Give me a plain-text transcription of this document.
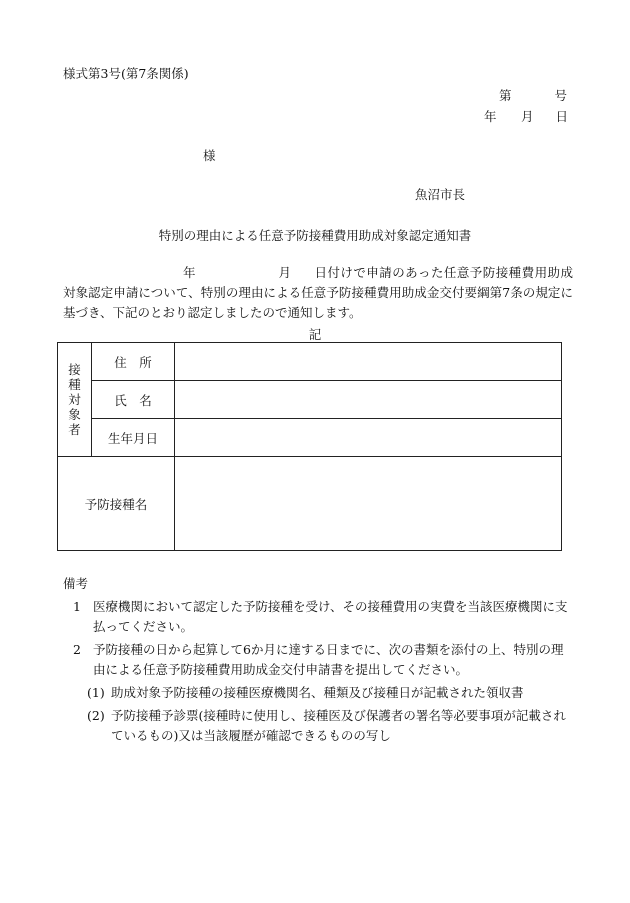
様式第3号(第7条関係)
第	号
年 月 日
様
魚沼市長
特別の理由による任意予防接種費用助成対象認定通知書
年	月 日付けで申請のあった任意予防接種費用助成対象認定申請について、特別の理由による任意予防接種費用助成金交付要綱第7条の規定に基づき、下記のとおり認定しましたので通知します。
記
接種対象者	住　所	
	氏　名	
	生年月日	
予防接種名		
備考
1 医療機関において認定した予防接種を受け、その接種費用の実費を当該医療機関に支払ってください。
2 予防接種の日から起算して6か月に達する日までに、次の書類を添付の上、特別の理由による任意予防接種費用助成金交付申請書を提出してください。
(1) 助成対象予防接種の接種医療機関名、種類及び接種日が記載された領収書
(2) 予防接種予診票(接種時に使用し、接種医及び保護者の署名等必要事項が記載されているもの)又は当該履歴が確認できるものの写し
